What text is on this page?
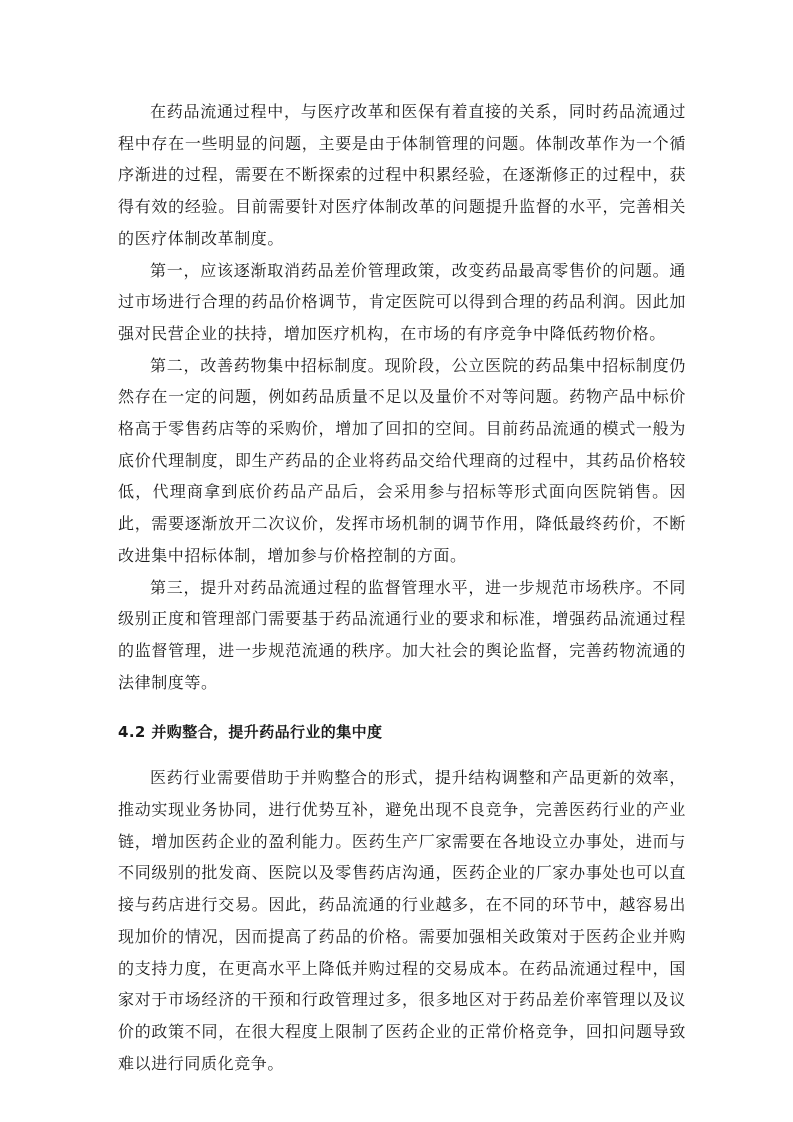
在药品流通过程中，与医疗改革和医保有着直接的关系，同时药品流通过程中存在一些明显的问题，主要是由于体制管理的问题。体制改革作为一个循序渐进的过程，需要在不断探索的过程中积累经验，在逐渐修正的过程中，获得有效的经验。目前需要针对医疗体制改革的问题提升监督的水平，完善相关的医疗体制改革制度。

第一，应该逐渐取消药品差价管理政策，改变药品最高零售价的问题。通过市场进行合理的药品价格调节，肯定医院可以得到合理的药品利润。因此加强对民营企业的扶持，增加医疗机构，在市场的有序竞争中降低药物价格。

第二，改善药物集中招标制度。现阶段，公立医院的药品集中招标制度仍然存在一定的问题，例如药品质量不足以及量价不对等问题。药物产品中标价格高于零售药店等的采购价，增加了回扣的空间。目前药品流通的模式一般为底价代理制度，即生产药品的企业将药品交给代理商的过程中，其药品价格较低，代理商拿到底价药品产品后，会采用参与招标等形式面向医院销售。因此，需要逐渐放开二次议价，发挥市场机制的调节作用，降低最终药价，不断改进集中招标体制，增加参与价格控制的方面。

第三，提升对药品流通过程的监督管理水平，进一步规范市场秩序。不同级别正度和管理部门需要基于药品流通行业的要求和标准，增强药品流通过程的监督管理，进一步规范流通的秩序。加大社会的舆论监督，完善药物流通的法律制度等。

4.2 并购整合，提升药品行业的集中度

医药行业需要借助于并购整合的形式，提升结构调整和产品更新的效率，推动实现业务协同，进行优势互补，避免出现不良竞争，完善医药行业的产业链，增加医药企业的盈利能力。医药生产厂家需要在各地设立办事处，进而与不同级别的批发商、医院以及零售药店沟通，医药企业的厂家办事处也可以直接与药店进行交易。因此，药品流通的行业越多，在不同的环节中，越容易出现加价的情况，因而提高了药品的价格。需要加强相关政策对于医药企业并购的支持力度，在更高水平上降低并购过程的交易成本。在药品流通过程中，国家对于市场经济的干预和行政管理过多，很多地区对于药品差价率管理以及议价的政策不同，在很大程度上限制了医药企业的正常价格竞争，回扣问题导致难以进行同质化竞争。
